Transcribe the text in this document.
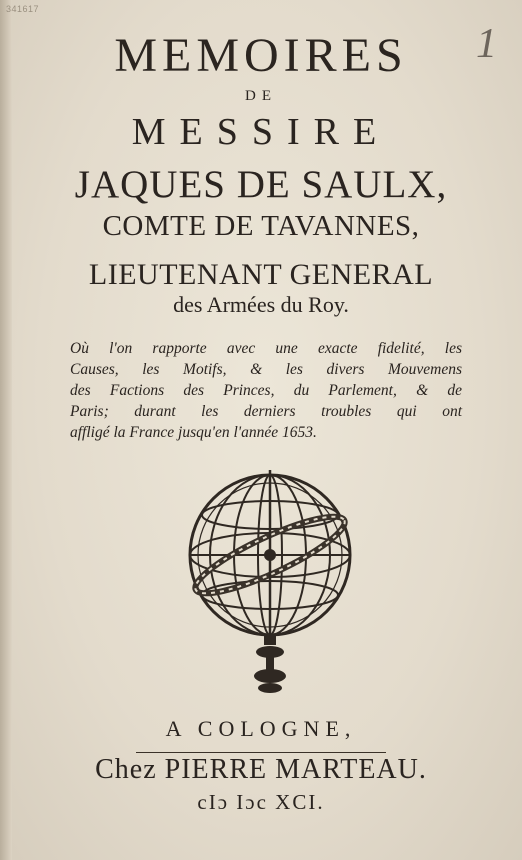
341617
1
MEMOIRES
DE
MESSIRE
JAQUES DE SAULX,
COMTE DE TAVANNES,
LIEUTENANT GENERAL
des Armées du Roy.
Où l'on rapporte avec une exacte fidelité, les
Causes, les Motifs, & les divers Mouvemens
des Factions des Princes, du Parlement, & de
Paris; durant les derniers troubles qui ont
affligé la France jusqu'en l'année 1653.
A COLOGNE,
Chez PIERRE MARTEAU.
cIɔ Iɔc XCI.
